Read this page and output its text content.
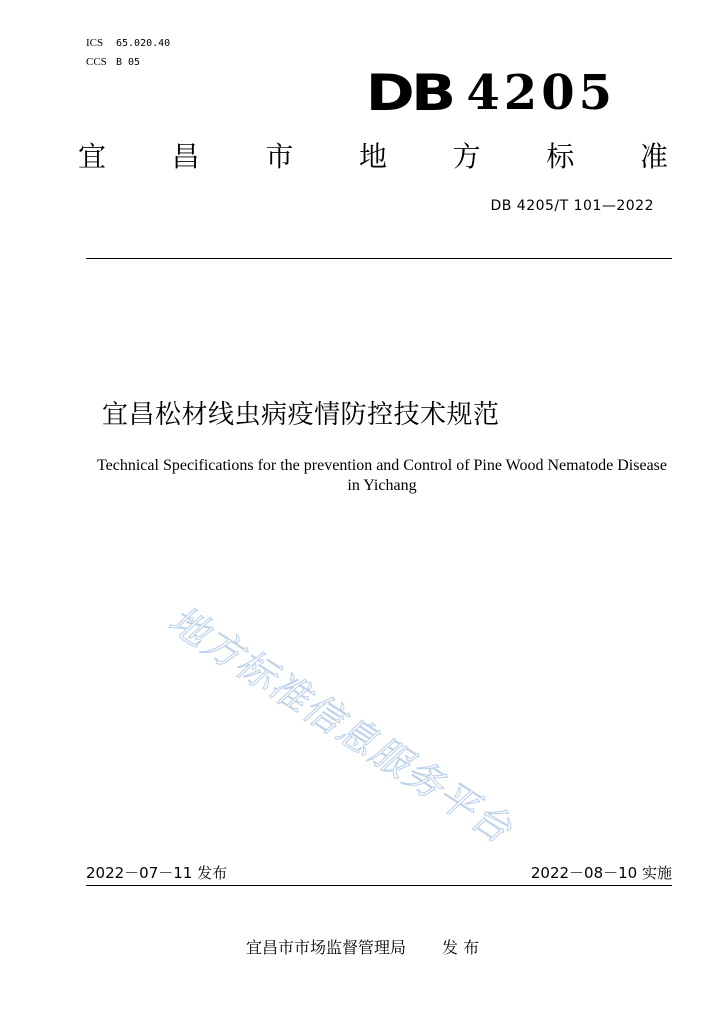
ICS 65.020.40
CCS B 05
DB 4205
宜 昌 市 地 方 标 准
DB 4205/T 101—2022
宜昌松材线虫病疫情防控技术规范
Technical Specifications for the prevention and Control of Pine Wood Nematode Disease in Yichang
地方标准信息服务平台
2022－07－11 发布	2022－08－10 实施
宜昌市市场监督管理局 发 布
